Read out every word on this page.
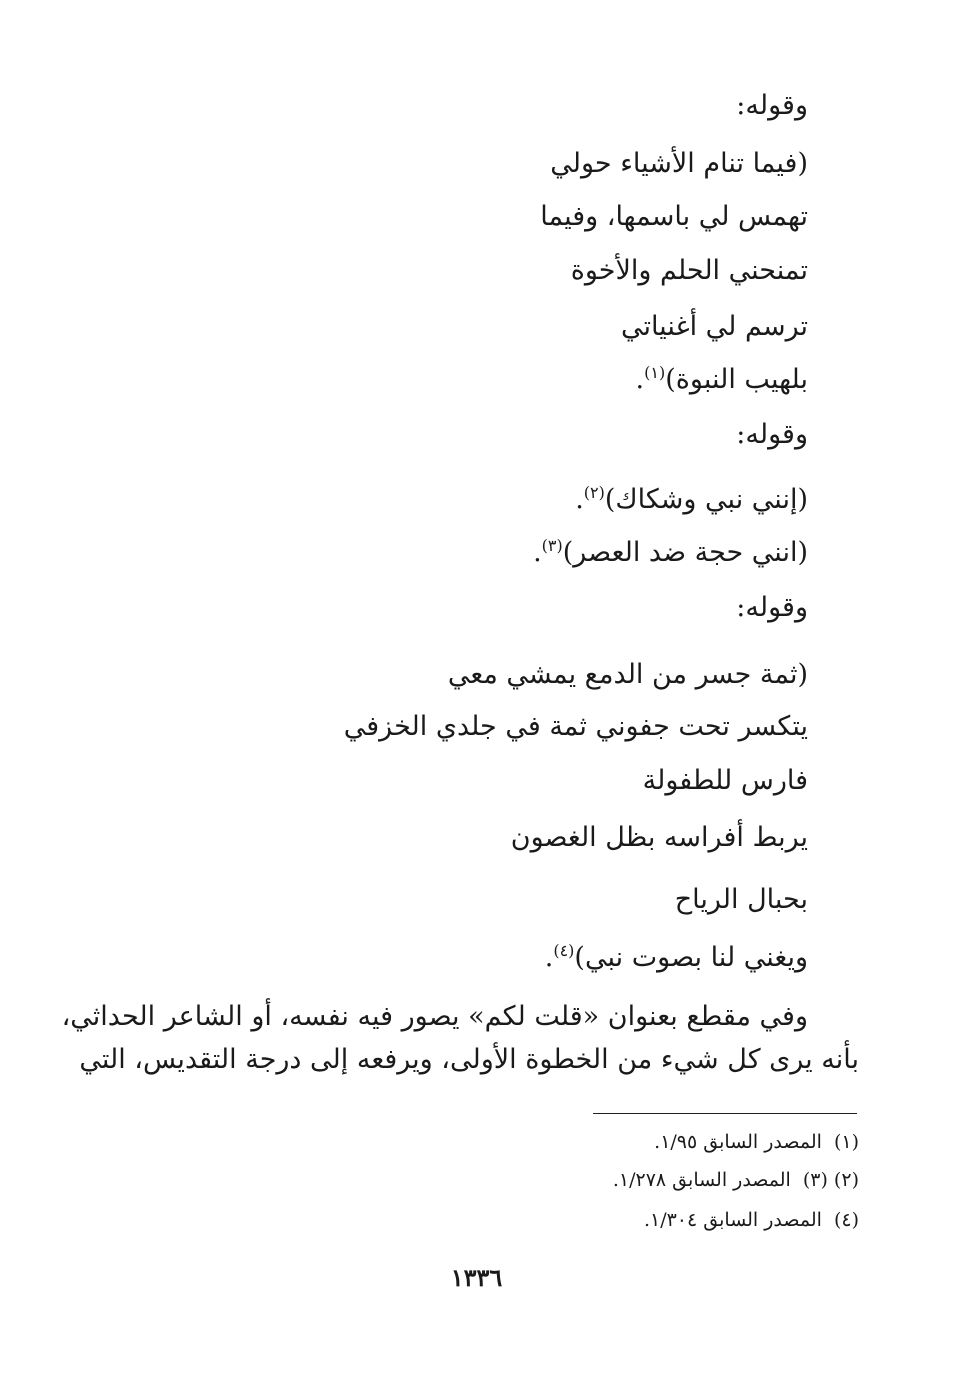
وقوله:
(فيما تنام الأشياء حولي
تهمس لي باسمها، وفيما
تمنحني الحلم والأخوة
ترسم لي أغنياتي
بلهيب النبوة)$^{(١)}$.
وقوله:
(إنني نبي وشكاك)$^{(٢)}$.
(انني حجة ضد العصر)$^{(٣)}$.
وقوله:
(ثمة جسر من الدمع يمشي معي
يتكسر تحت جفوني ثمة في جلدي الخزفي
فارس للطفولة
يربط أفراسه بظل الغصون
بحبال الرياح
ويغني لنا بصوت نبي)$^{(٤)}$.
وفي مقطع بعنوان «قلت لكم» يصور فيه نفسه، أو الشاعر الحداثي،
بأنه يرى كل شيء من الخطوة الأولى، ويرفعه إلى درجة التقديس، التي
(١)المصدر السابق ١/٩٥.
(٢) (٣)المصدر السابق ١/٢٧٨.
(٤)المصدر السابق ١/٣٠٤.
١٣٣٦
